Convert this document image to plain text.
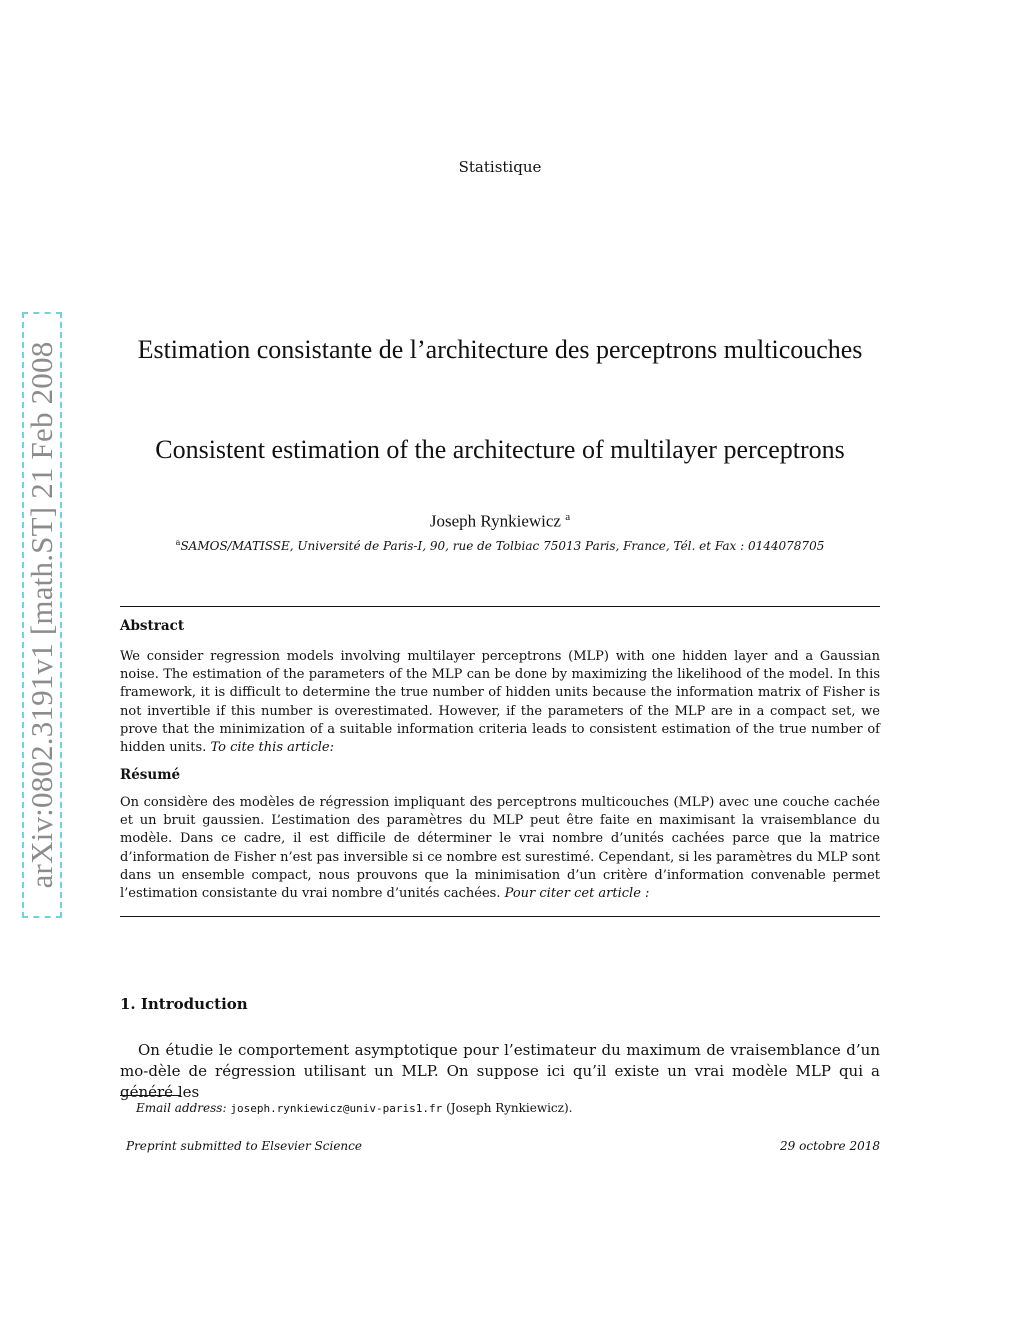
Statistique
arXiv:0802.3191v1 [math.ST] 21 Feb 2008	Estimation consistante de l’architecture des perceptrons multicouches
Consistent estimation of the architecture of multilayer perceptrons
Joseph Rynkiewicz $^a$
$^a$SAMOS/MATISSE, Université de Paris-I, 90, rue de Tolbiac 75013 Paris, France, Tél. et Fax : 0144078705
Abstract
We consider regression models involving multilayer perceptrons (MLP) with one hidden layer and a Gaussian noise. The estimation of the parameters of the MLP can be done by maximizing the likelihood of the model. In this framework, it is difficult to determine the true number of hidden units because the information matrix of Fisher is not invertible if this number is overestimated. However, if the parameters of the MLP are in a compact set, we prove that the minimization of a suitable information criteria leads to consistent estimation of the true number of hidden units. To cite this article:
Résumé
On considère des modèles de régression impliquant des perceptrons multicouches (MLP) avec une couche cachée et un bruit gaussien. L’estimation des paramètres du MLP peut être faite en maximisant la vraisemblance du modèle. Dans ce cadre, il est difficile de déterminer le vrai nombre d’unités cachées parce que la matrice d’information de Fisher n’est pas inversible si ce nombre est surestimé. Cependant, si les paramètres du MLP sont dans un ensemble compact, nous prouvons que la minimisation d’un critère d’information convenable permet l’estimation consistante du vrai nombre d’unités cachées. Pour citer cet article :
1. Introduction
On étudie le comportement asymptotique pour l’estimateur du maximum de vraisemblance d’un mo-dèle de régression utilisant un MLP. On suppose ici qu’il existe un vrai modèle MLP qui a généré les
Email address: joseph.rynkiewicz@univ-paris1.fr (Joseph Rynkiewicz).
Preprint submitted to Elsevier Science	29 octobre 2018
